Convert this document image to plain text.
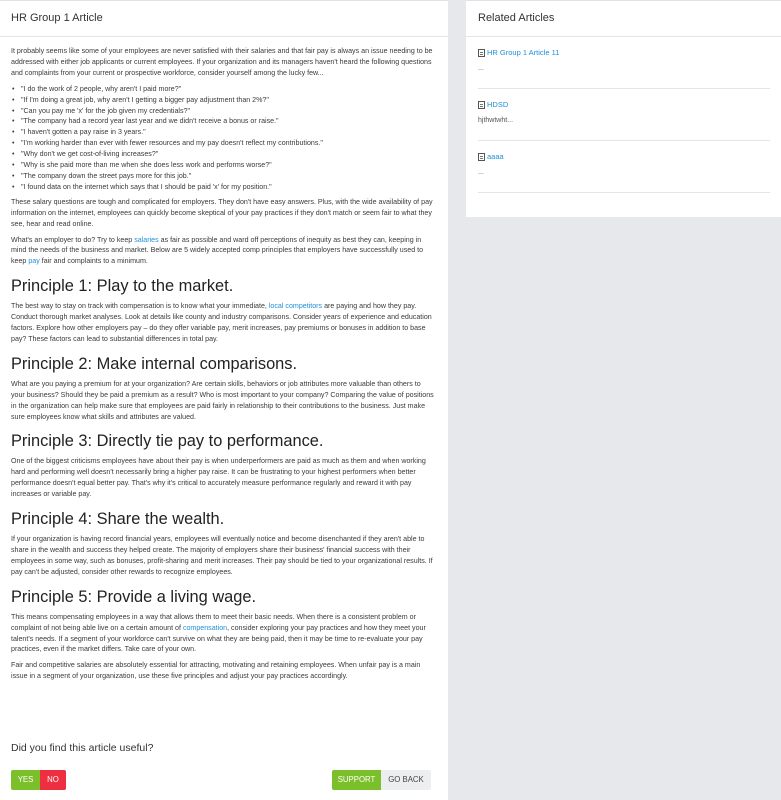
HR Group 1 Article

It probably seems like some of your employees are never satisfied with their salaries and that fair pay is always an issue needing to be addressed with either job applicants or current employees. If your organization and its managers haven't heard the following questions and complaints from your current or prospective workforce, consider yourself among the lucky few...

• "I do the work of 2 people, why aren't I paid more?"
• "If I'm doing a great job, why aren't I getting a bigger pay adjustment than 2%?"
• "Can you pay me 'x' for the job given my credentials?"
• "The company had a record year last year and we didn't receive a bonus or raise."
• "I haven't gotten a pay raise in 3 years."
• "I'm working harder than ever with fewer resources and my pay doesn't reflect my contributions."
• "Why don't we get cost-of-living increases?"
• "Why is she paid more than me when she does less work and performs worse?"
• "The company down the street pays more for this job."
• "I found data on the internet which says that I should be paid 'x' for my position."

These salary questions are tough and complicated for employers. They don't have easy answers. Plus, with the wide availability of pay information on the internet, employees can quickly become skeptical of your pay practices if they don't match or seem fair to what they see, hear and read online.

What's an employer to do? Try to keep salaries as fair as possible and ward off perceptions of inequity as best they can, keeping in mind the needs of the business and market. Below are 5 widely accepted comp principles that employers have successfully used to keep pay fair and complaints to a minimum.

Principle 1: Play to the market.

The best way to stay on track with compensation is to know what your immediate, local competitors are paying and how they pay. Conduct thorough market analyses. Look at details like county and industry comparisons. Consider years of experience and education factors. Explore how other employers pay – do they offer variable pay, merit increases, pay premiums or bonuses in addition to base pay? These factors can lead to substantial differences in total pay.

Principle 2: Make internal comparisons.

What are you paying a premium for at your organization? Are certain skills, behaviors or job attributes more valuable than others to your business? Should they be paid a premium as a result? Who is most important to your company? Comparing the value of positions in the organization can help make sure that employees are paid fairly in relationship to their contributions to the business. Just make sure employees know what skills and attributes are valued.

Principle 3: Directly tie pay to performance.

One of the biggest criticisms employees have about their pay is when underperformers are paid as much as them and when working hard and performing well doesn't necessarily bring a higher pay raise. It can be frustrating to your highest performers when better performance doesn't equal better pay. That's why it's critical to accurately measure performance regularly and reward it with pay increases or variable pay.

Principle 4: Share the wealth.

If your organization is having record financial years, employees will eventually notice and become disenchanted if they aren't able to share in the wealth and success they helped create. The majority of employers share their business' financial success with their employees in some way, such as bonuses, profit-sharing and merit increases. Their pay should be tied to your organizational results. If pay can't be adjusted, consider other rewards to recognize employees.

Principle 5: Provide a living wage.

This means compensating employees in a way that allows them to meet their basic needs. When there is a consistent problem or complaint of not being able live on a certain amount of compensation, consider exploring your pay practices and how they meet your talent's needs. If a segment of your workforce can't survive on what they are being paid, then it may be time to re-evaluate your pay practices, even if the market differs. Take care of your own.

Fair and competitive salaries are absolutely essential for attracting, motivating and retaining employees. When unfair pay is a main issue in a segment of your organization, use these five principles and adjust your pay practices accordingly.

Did you find this article useful?
YES	NO	SUPPORT	GO BACK
Related Articles
HR Group 1 Article 11
...
HDSD
hjthwtwht...
aaaa
...
